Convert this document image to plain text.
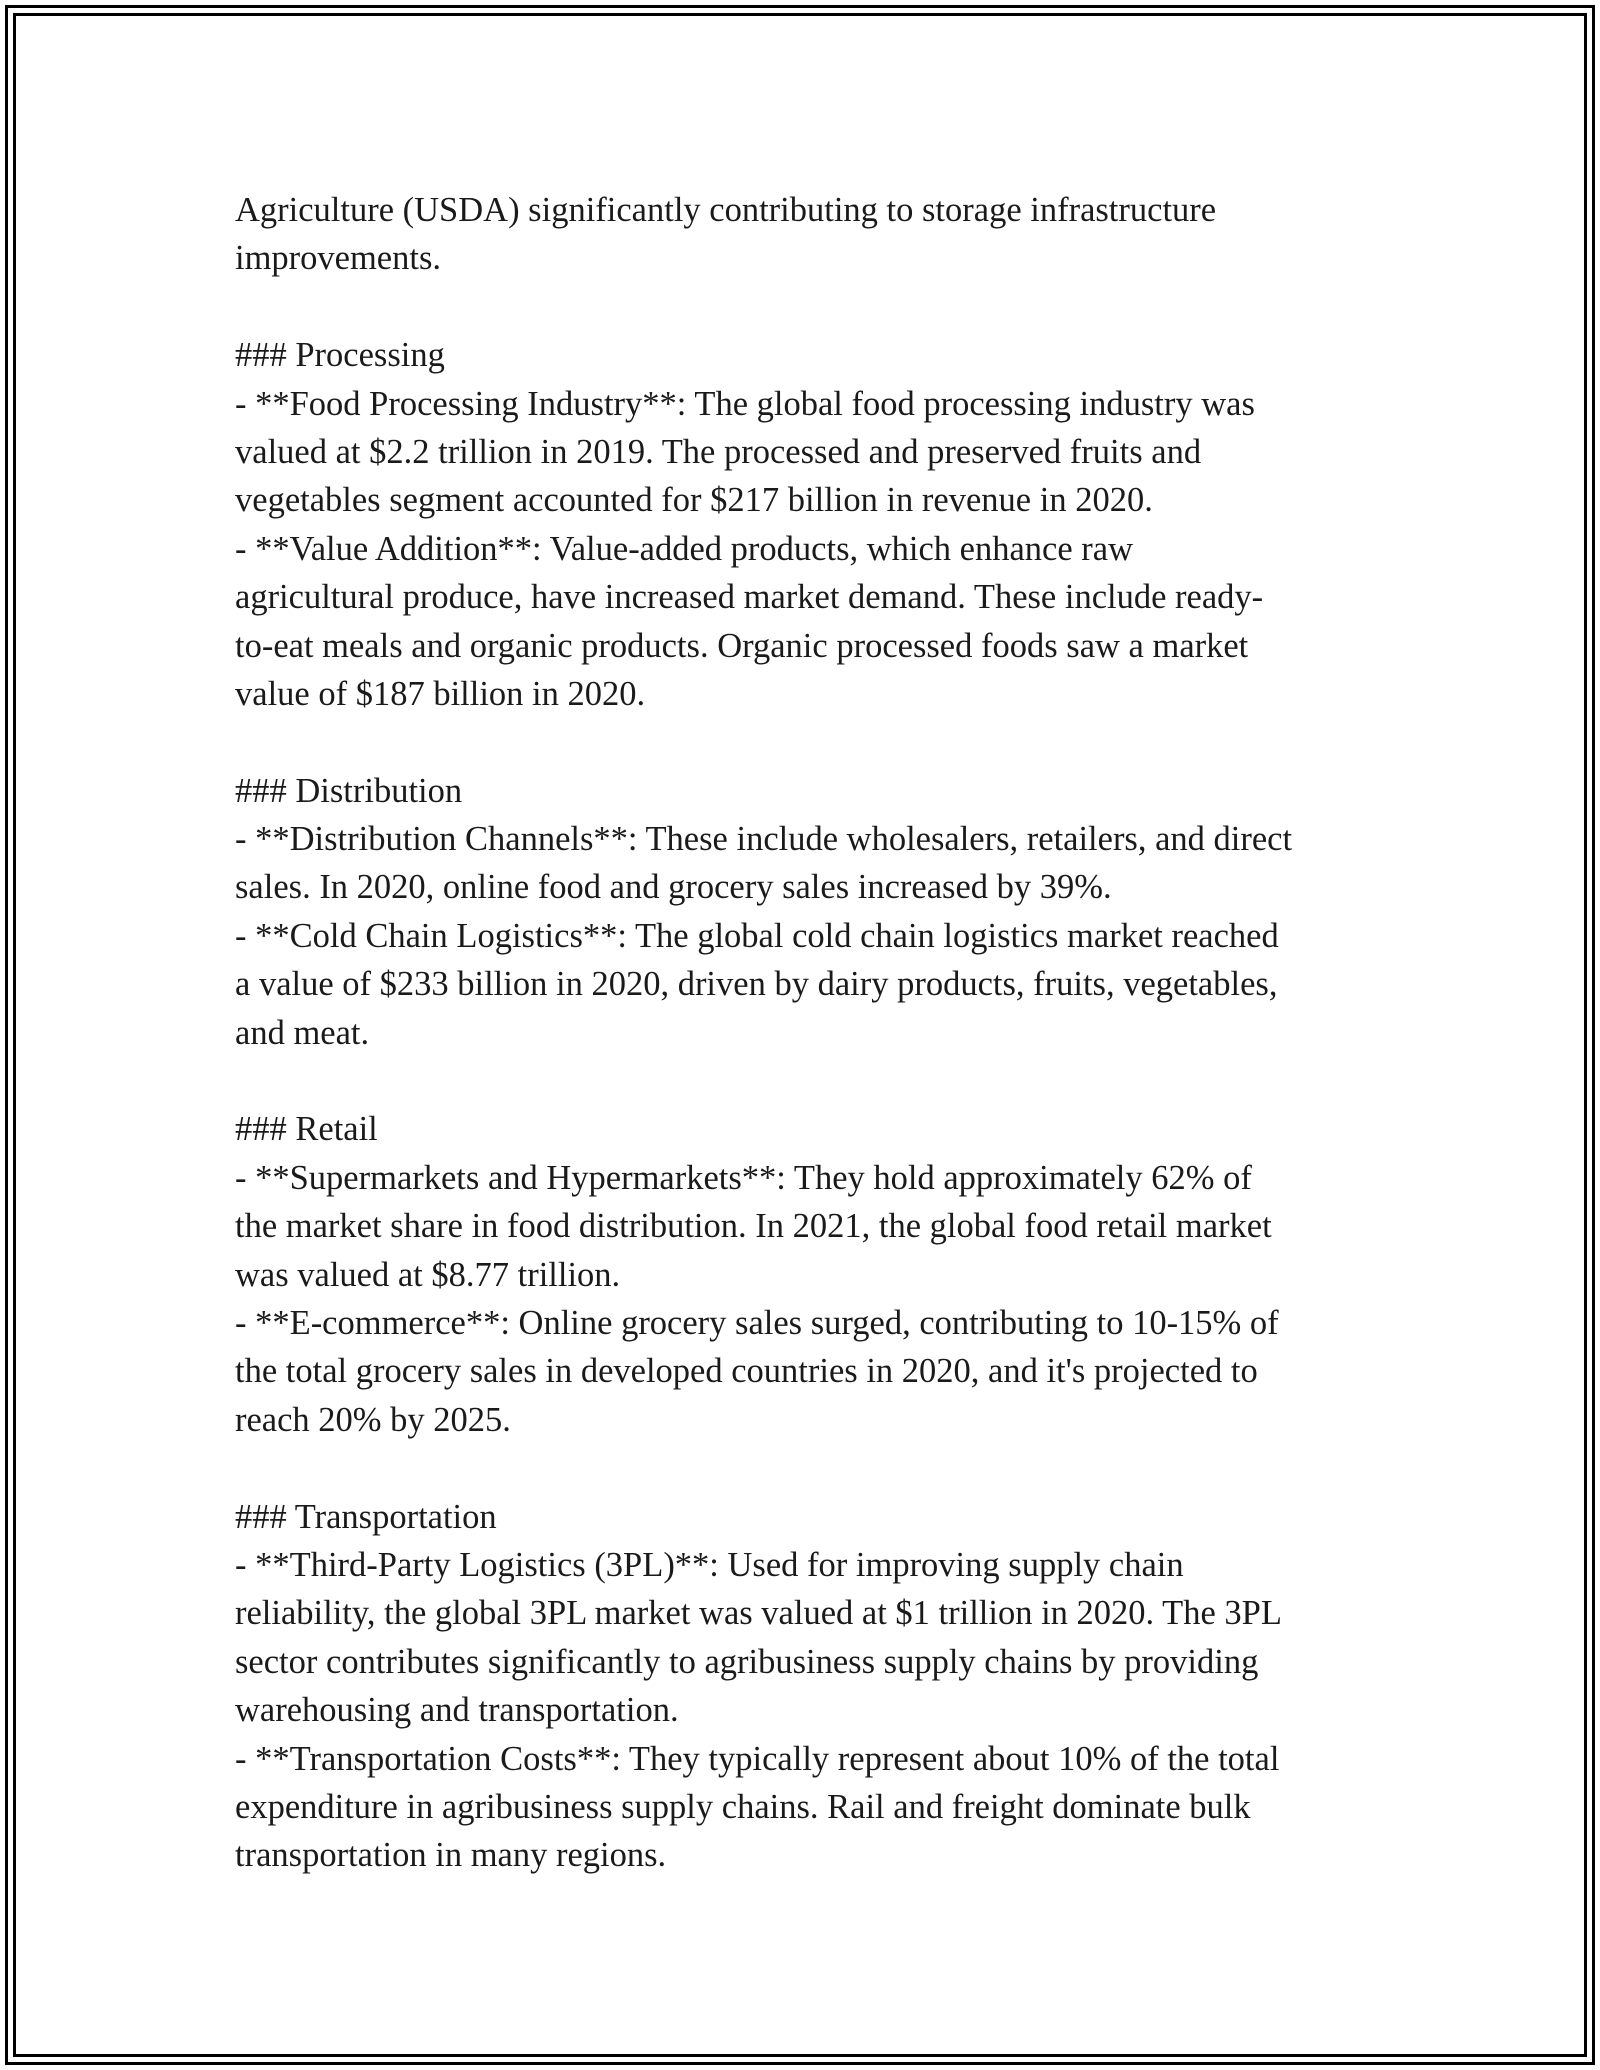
Agriculture (USDA) significantly contributing to storage infrastructure
improvements.
### Processing
- **Food Processing Industry**: The global food processing industry was
valued at $2.2 trillion in 2019. The processed and preserved fruits and
vegetables segment accounted for $217 billion in revenue in 2020.
- **Value Addition**: Value-added products, which enhance raw
agricultural produce, have increased market demand. These include ready-
to-eat meals and organic products. Organic processed foods saw a market
value of $187 billion in 2020.
### Distribution
- **Distribution Channels**: These include wholesalers, retailers, and direct
sales. In 2020, online food and grocery sales increased by 39%.
- **Cold Chain Logistics**: The global cold chain logistics market reached
a value of $233 billion in 2020, driven by dairy products, fruits, vegetables,
and meat.
### Retail
- **Supermarkets and Hypermarkets**: They hold approximately 62% of
the market share in food distribution. In 2021, the global food retail market
was valued at $8.77 trillion.
- **E-commerce**: Online grocery sales surged, contributing to 10-15% of
the total grocery sales in developed countries in 2020, and it's projected to
reach 20% by 2025.
### Transportation
- **Third-Party Logistics (3PL)**: Used for improving supply chain
reliability, the global 3PL market was valued at $1 trillion in 2020. The 3PL
sector contributes significantly to agribusiness supply chains by providing
warehousing and transportation.
- **Transportation Costs**: They typically represent about 10% of the total
expenditure in agribusiness supply chains. Rail and freight dominate bulk
transportation in many regions.
